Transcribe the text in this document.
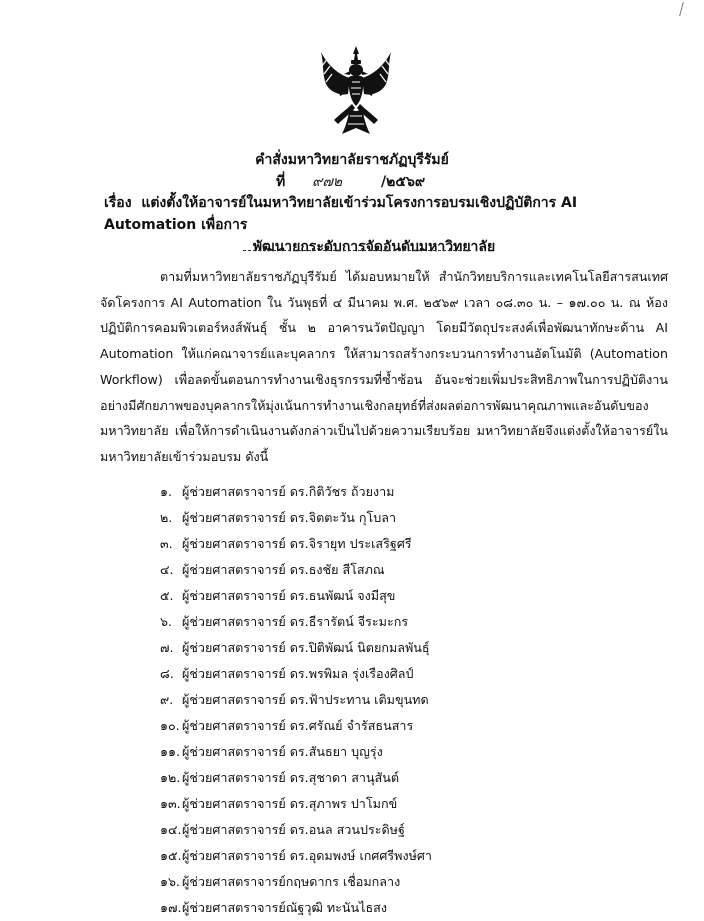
คำสั่งมหาวิทยาลัยราชภัฏบุรีรัมย์
ที่ ๙๗๒	/๒๕๖๙
เรื่อง แต่งตั้งให้อาจารย์ในมหาวิทยาลัยเข้าร่วมโครงการอบรมเชิงปฏิบัติการ AI Automation เพื่อการ
พัฒนายกระดับการจัดอันดับมหาวิทยาลัย

ตามที่มหาวิทยาลัยราชภัฏบุรีรัมย์ ได้มอบหมายให้ สำนักวิทยบริการและเทคโนโลยีสารสนเทศ จัดโครงการ AI Automation ใน วันพุธที่ ๔ มีนาคม พ.ศ. ๒๕๖๙ เวลา ๐๘.๓๐ น. – ๑๗.๐๐ น. ณ ห้องปฏิบัติการคอมพิวเตอร์หงส์พันธุ์ ชั้น ๒ อาคารนวัตปัญญา โดยมีวัตถุประสงค์เพื่อพัฒนาทักษะด้าน AI Automation ให้แก่คณาจารย์และบุคลากร ให้สามารถสร้างกระบวนการทำงานอัตโนมัติ (Automation Workflow) เพื่อลดขั้นตอนการทำงานเชิงธุรกรรมที่ซ้ำซ้อน อันจะช่วยเพิ่มประสิทธิภาพในการปฏิบัติงานอย่างมีศักยภาพของบุคลากรให้มุ่งเน้นการทำงานเชิงกลยุทธ์ที่ส่งผลต่อการพัฒนาคุณภาพและอันดับของมหาวิทยาลัย เพื่อให้การดำเนินงานดังกล่าวเป็นไปด้วยความเรียบร้อย มหาวิทยาลัยจึงแต่งตั้งให้อาจารย์ในมหาวิทยาลัยเข้าร่วมอบรม ดังนี้

๑. ผู้ช่วยศาสตราจารย์ ดร.กิติวัชร ถ้วยงาม
๒. ผู้ช่วยศาสตราจารย์ ดร.จิตตะวัน กุโบลา
๓. ผู้ช่วยศาสตราจารย์ ดร.จิรายุท ประเสริฐศรี
๔. ผู้ช่วยศาสตราจารย์ ดร.ธงชัย สีโสภณ
๕. ผู้ช่วยศาสตราจารย์ ดร.ธนพัฒน์ จงมีสุข
๖. ผู้ช่วยศาสตราจารย์ ดร.ธีรารัตน์ จีระมะกร
๗. ผู้ช่วยศาสตราจารย์ ดร.ปิติพัฒน์ นิตยกมลพันธุ์
๘. ผู้ช่วยศาสตราจารย์ ดร.พรพิมล รุ่งเรืองศิลป์
๙. ผู้ช่วยศาสตราจารย์ ดร.ฟ้าประทาน เติมขุนทด
๑๐. ผู้ช่วยศาสตราจารย์ ดร.ศรัณย์ จำรัสธนสาร
๑๑. ผู้ช่วยศาสตราจารย์ ดร.สันธยา บุญรุ่ง
๑๒. ผู้ช่วยศาสตราจารย์ ดร.สุชาดา สานุสันต์
๑๓.ผู้ช่วยศาสตราจารย์ ดร.สุภาพร ปาโมกข์
๑๔.ผู้ช่วยศาสตราจารย์ ดร.อนล สวนประดิษฐ์
๑๕.ผู้ช่วยศาสตราจารย์ ดร.อุดมพงษ์ เกศศรีพงษ์ศา
๑๖. ผู้ช่วยศาสตราจารย์กฤษดากร เชื่อมกลาง
๑๗.ผู้ช่วยศาสตราจารย์ณัฐวุฒิ ทะนันไธสง
